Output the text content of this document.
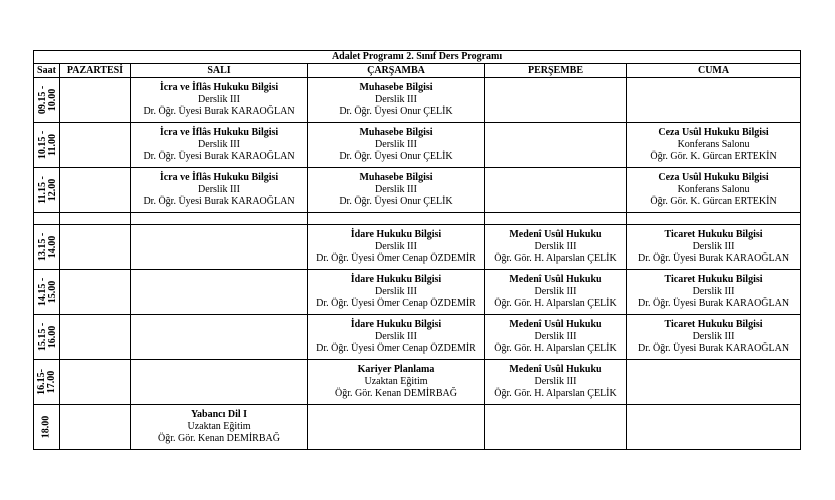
Adalet Programı 2. Sınıf Ders Programı					
Saat	PAZARTESİ	SALI	ÇARŞAMBA	PERŞEMBE	CUMA

09.15 - 10.00		İcra ve İflâs Hukuku Bilgisi
Derslik III
Dr. Öğr. Üyesi Burak KARAOĞLAN	Muhasebe Bilgisi
Derslik III
Dr. Öğr. Üyesi Onur ÇELİK		

10.15 - 11.00		İcra ve İflâs Hukuku Bilgisi
Derslik III
Dr. Öğr. Üyesi Burak KARAOĞLAN	Muhasebe Bilgisi
Derslik III
Dr. Öğr. Üyesi Onur ÇELİK		Ceza Usûl Hukuku Bilgisi
Konferans Salonu
Öğr. Gör. K. Gürcan ERTEKİN

11.15 - 12.00		İcra ve İflâs Hukuku Bilgisi
Derslik III
Dr. Öğr. Üyesi Burak KARAOĞLAN	Muhasebe Bilgisi
Derslik III
Dr. Öğr. Üyesi Onur ÇELİK		Ceza Usûl Hukuku Bilgisi
Konferans Salonu
Öğr. Gör. K. Gürcan ERTEKİN

13.15 - 14.00			İdare Hukuku Bilgisi
Derslik III
Dr. Öğr. Üyesi Ömer Cenap ÖZDEMİR	Medenî Usûl Hukuku
Derslik III
Öğr. Gör. H. Alparslan ÇELİK	Ticaret Hukuku Bilgisi
Derslik III
Dr. Öğr. Üyesi Burak KARAOĞLAN

14.15 - 15.00			İdare Hukuku Bilgisi
Derslik III
Dr. Öğr. Üyesi Ömer Cenap ÖZDEMİR	Medenî Usûl Hukuku
Derslik III
Öğr. Gör. H. Alparslan ÇELİK	Ticaret Hukuku Bilgisi
Derslik III
Dr. Öğr. Üyesi Burak KARAOĞLAN

15.15 - 16.00			İdare Hukuku Bilgisi
Derslik III
Dr. Öğr. Üyesi Ömer Cenap ÖZDEMİR	Medenî Usûl Hukuku
Derslik III
Öğr. Gör. H. Alparslan ÇELİK	Ticaret Hukuku Bilgisi
Derslik III
Dr. Öğr. Üyesi Burak KARAOĞLAN

16.15- 17.00			Kariyer Planlama
Uzaktan Eğitim
Öğr. Gör. Kenan DEMİRBAĞ	Medenî Usûl Hukuku
Derslik III
Öğr. Gör. H. Alparslan ÇELİK	

18.00		Yabancı Dil I
Uzaktan Eğitim
Öğr. Gör. Kenan DEMİRBAĞ			
